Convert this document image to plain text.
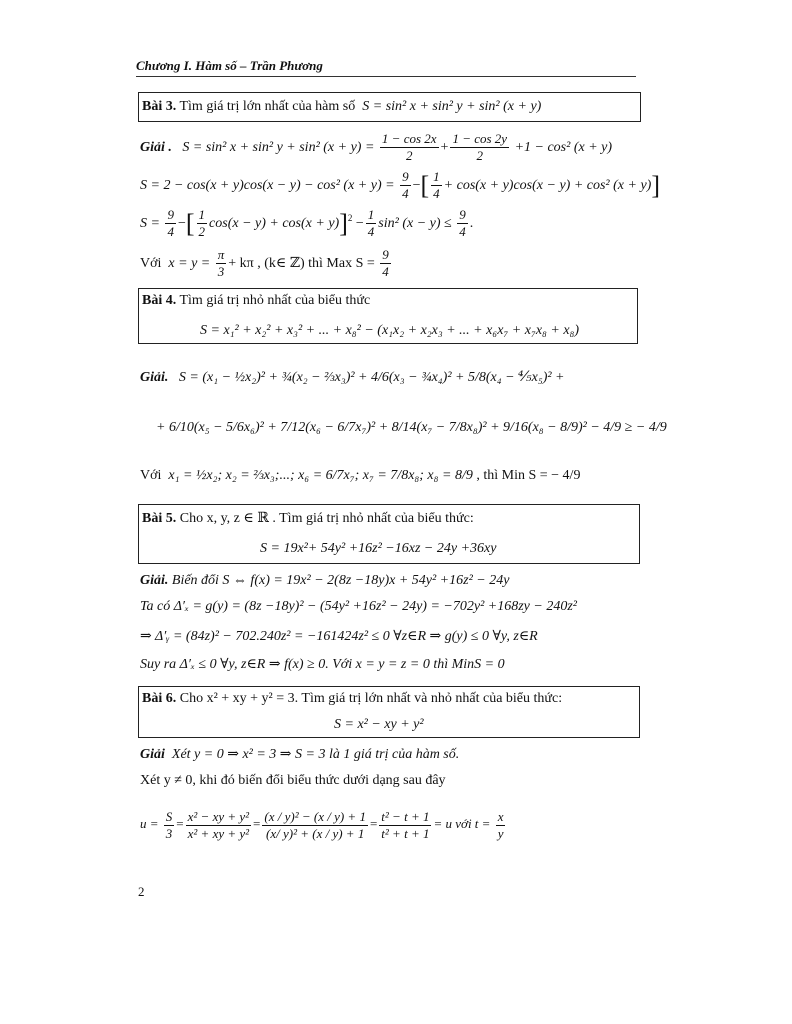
Chương I. Hàm số – Trần Phương
Bài 3. Tìm giá trị lớn nhất của hàm số S = sin² x + sin² y + sin² (x + y)
Giải . S = sin² x + sin² y + sin² $(x + y) = \frac{1 - \cos 2x}{2} + \frac{1 - \cos 2y}{2} +1 - \cos^2$ (x + y)
S = 2 − cos(x + y)cos(x − y) − cos² $(x + y) = \frac{9}{4}$ −[ $\frac{1}{4} + \cos(x + y)\cos(x - y) + \cos^2$ (x + y)]
$S = \frac{9}{4}$ −[ $\frac{1}{2} \cos(x - y) + \cos(x + y)]^2 - \frac{1}{4} \sin^2$ $(x - y) \le \frac{9}{4}$ .
Với $x = y = \frac{\pi}{3} + k\pi$ , (k∈ ℤ) thì Max $S = \frac{9}{4}$
Bài 4. Tìm giá trị nhỏ nhất của biểu thức
S = x₁² + x₂² + x₃² + ... + x₈² − (x₁x₂ + x₂x₃ + ... + x₆x₇ + x₇x₈ + x₈)
Giải. S = (x₁ − ½x₂)² + ¾(x₂ − ⅔x₃)² + 4/6(x₃ − ¾x₄)² + 5/8(x₄ − ⅘x₅)² +
+ 6/10(x₅ − 5/6x₆)² + 7/12(x₆ − 6/7x₇)² + 8/14(x₇ − 7/8x₈)² + 9/16(x₈ − 8/9)² − 4/9 ≥ − 4/9
Với x₁ = ½x₂; x₂ = ⅔x₃;...; x₆ = 6/7x₇; x₇ = 7/8x₈; x₈ = 8/9 , thì Min S = − 4/9
Bài 5. Cho x, y, z ∈ ℝ . Tìm giá trị nhỏ nhất của biểu thức:
S = 19x²+ 54y² +16z² −16xz − 24y +36xy
Giải. Biến đổi S ⇔ f(x) = 19x² − 2(8z −18y)x + 54y² +16z² − 24y
Ta có Δ′ₓ = g(y) = (8z −18y)² − (54y² +16z² − 24y) = −702y² +168zy − 240z²
⇒ Δ′ᵧ = (84z)² − 702.240z² = −161424z² ≤ 0 ∀z∈R ⇒ g(y) ≤ 0 ∀y, z∈R
Suy ra Δ′ₓ ≤ 0 ∀y, z∈R ⇒ f(x) ≥ 0. Với x = y = z = 0 thì MinS = 0
Bài 6. Cho x² + xy + y² = 3. Tìm giá trị lớn nhất và nhỏ nhất của biểu thức:
S = x² − xy + y²
Giải Xét y = 0 ⇒ x² = 3 ⇒ S = 3 là 1 giá trị của hàm số.
Xét y ≠ 0, khi đó biến đổi biểu thức dưới dạng sau đây
$u = \frac{S}{3} = \frac{\text{x² − xy + y²}}{\text{x² + xy + y²}} = \frac{\text{(x / y)² − (x / y) + 1}}{\text{(x/ y)² + (x / y) + 1}} = \frac{\text{t² − t + 1}}{\text{t² + t + 1}} = u$ với $t = \frac{x}{y}$
2
